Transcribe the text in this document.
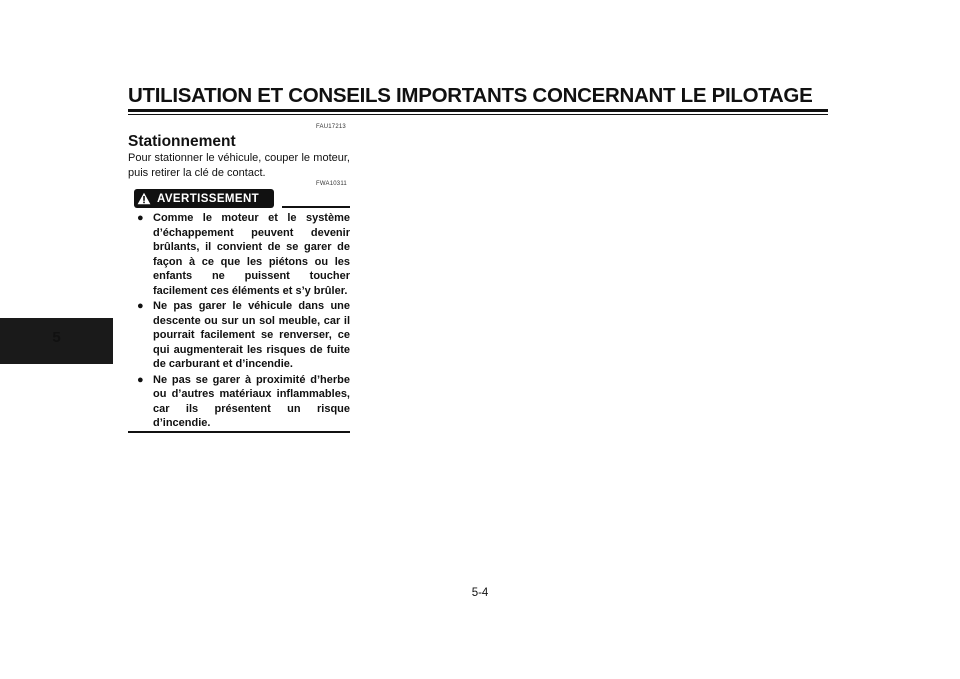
UTILISATION ET CONSEILS IMPORTANTS CONCERNANT LE PILOTAGE
5
FAU17213
Stationnement
Pour stationner le véhicule, couper le moteur, puis retirer la clé de contact.
FWA10311
AVERTISSEMENT
● Comme le moteur et le système d’échappement peuvent devenir brûlants, il convient de se garer de façon à ce que les piétons ou les enfants ne puissent toucher facilement ces éléments et s’y brûler.
● Ne pas garer le véhicule dans une descente ou sur un sol meuble, car il pourrait facilement se renverser, ce qui augmenterait les risques de fuite de carburant et d’incendie.
● Ne pas se garer à proximité d’herbe ou d’autres matériaux inflammables, car ils présentent un risque d’incendie.
5-4
